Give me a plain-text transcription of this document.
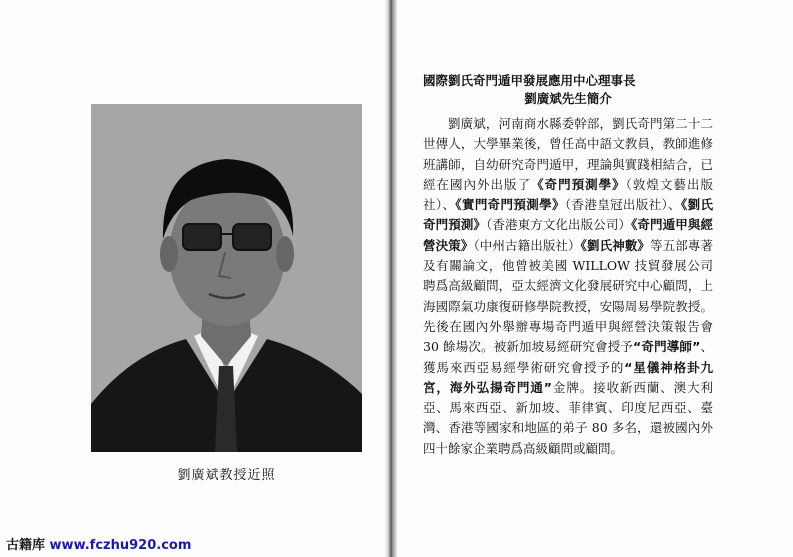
劉廣斌教授近照
國際劉氏奇門遁甲發展應用中心理事長
劉廣斌先生簡介

劉廣斌，河南商水縣委幹部，劉氏奇門第二十二世傳人，大學畢業後，曾任高中語文教員，教師進修班講師，自幼研究奇門遁甲，理論與實踐相結合，已經在國內外出版了《奇門預測學》（敦煌文藝出版社）、《實門奇門預測學》（香港皇冠出版社）、《劉氏奇門預測》（香港東方文化出版公司）《奇門遁甲與經營決策》（中州古籍出版社）《劉氏神數》等五部專著及有關論文，他曾被美國 WILLOW 技貿發展公司聘爲高級顧問，亞太經濟文化發展研究中心顧問，上海國際氣功康復研修學院教授，安陽周易學院教授。先後在國內外舉辦專場奇門遁甲與經營決策報告會 30 餘場次。被新加坡易經研究會授予“奇門導師”、獲馬來西亞易經學術研究會授予的“星儀神格卦九宮，海外弘揚奇門通”金牌。接收新西蘭、澳大利亞、馬來西亞、新加坡、菲律賓、印度尼西亞、臺灣、香港等國家和地區的弟子 80 多名，還被國內外四十餘家企業聘爲高級顧問或顧問。

古籍库 www.fczhu920.com
